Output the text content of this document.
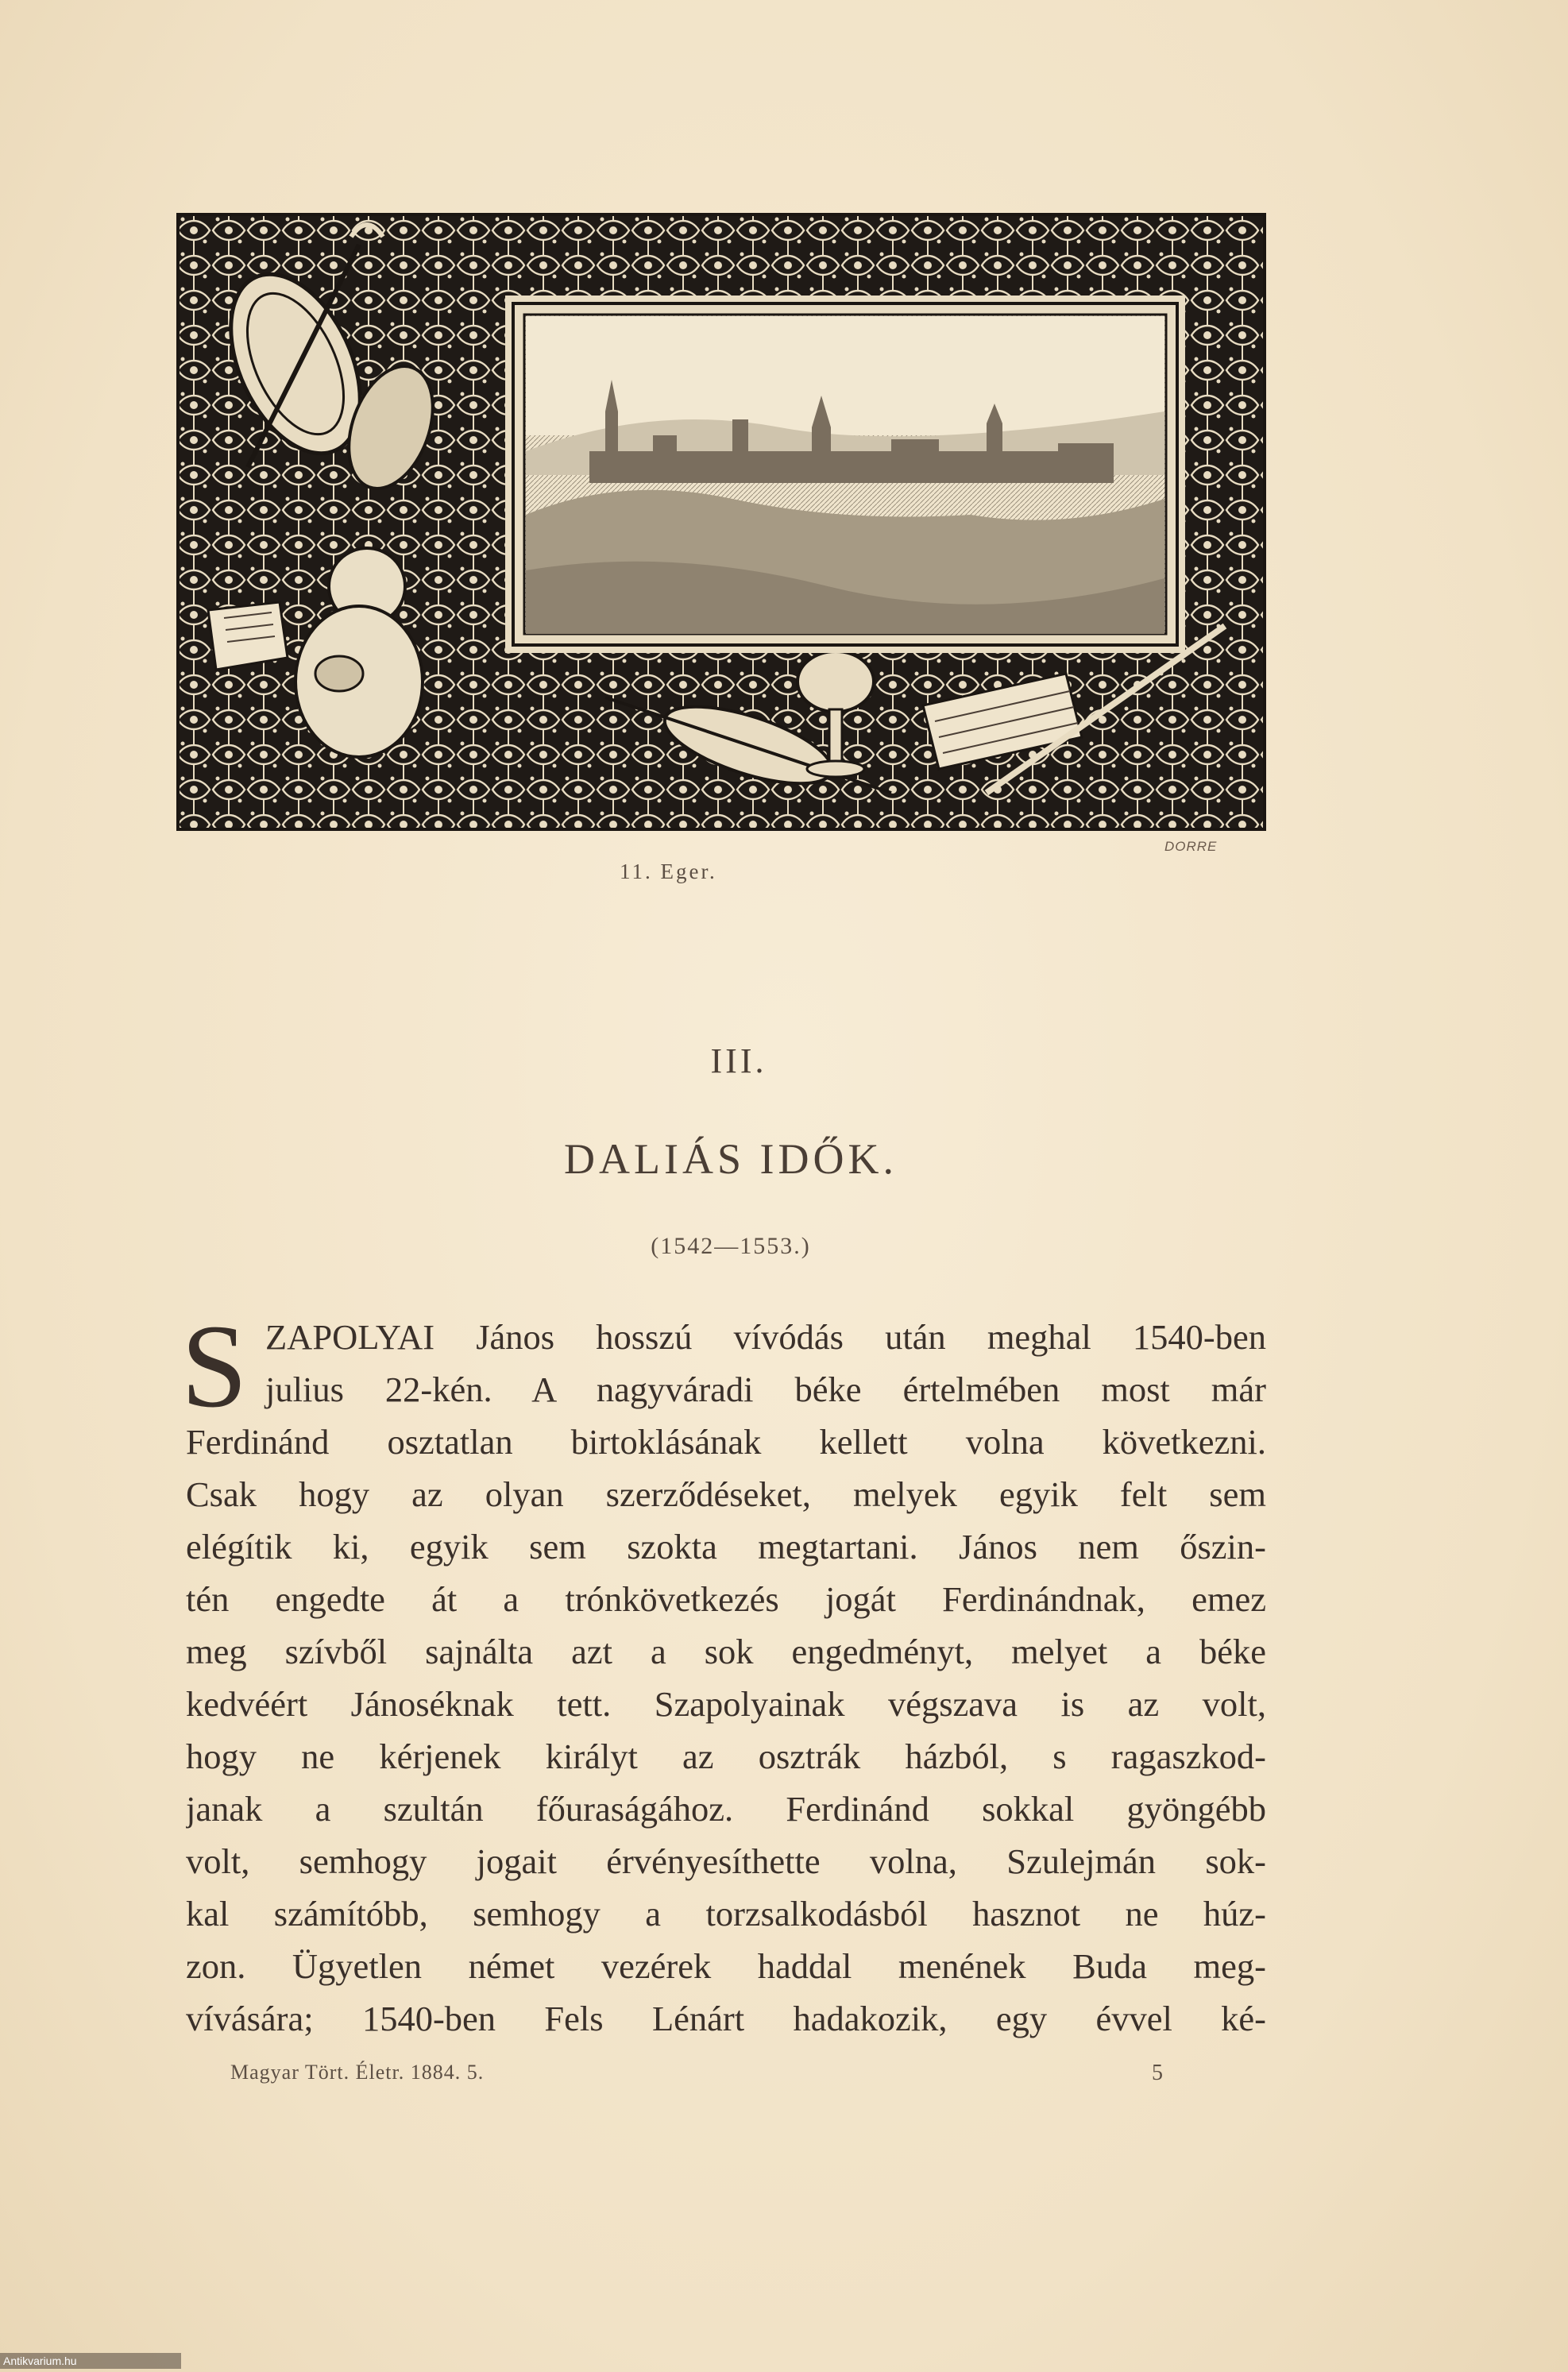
DORRE
11. Eger.
III.
DALIÁS IDŐK.
(1542—1553.)
S ZAPOLYAI János hosszú vívódás után meghal 1540-ben
julius 22-kén. A nagyváradi béke értelmében most már
Ferdinánd osztatlan birtoklásának kellett volna következni.
Csak hogy az olyan szerződéseket, melyek egyik felt sem
elégítik ki, egyik sem szokta megtartani. János nem őszin-
tén engedte át a trónkövetkezés jogát Ferdinándnak, emez
meg szívből sajnálta azt a sok engedményt, melyet a béke
kedvéért Jánoséknak tett. Szapolyainak végszava is az volt,
hogy ne kérjenek királyt az osztrák házból, s ragaszkod-
janak a szultán főuraságához. Ferdinánd sokkal gyöngébb
volt, semhogy jogait érvényesíthette volna, Szulejmán sok-
kal számítóbb, semhogy a torzsalkodásból hasznot ne húz-
zon. Ügyetlen német vezérek haddal menének Buda meg-
vívására; 1540-ben Fels Lénárt hadakozik, egy évvel ké-
Magyar Tört. Életr. 1884. 5.	5
Antikvarium.hu
